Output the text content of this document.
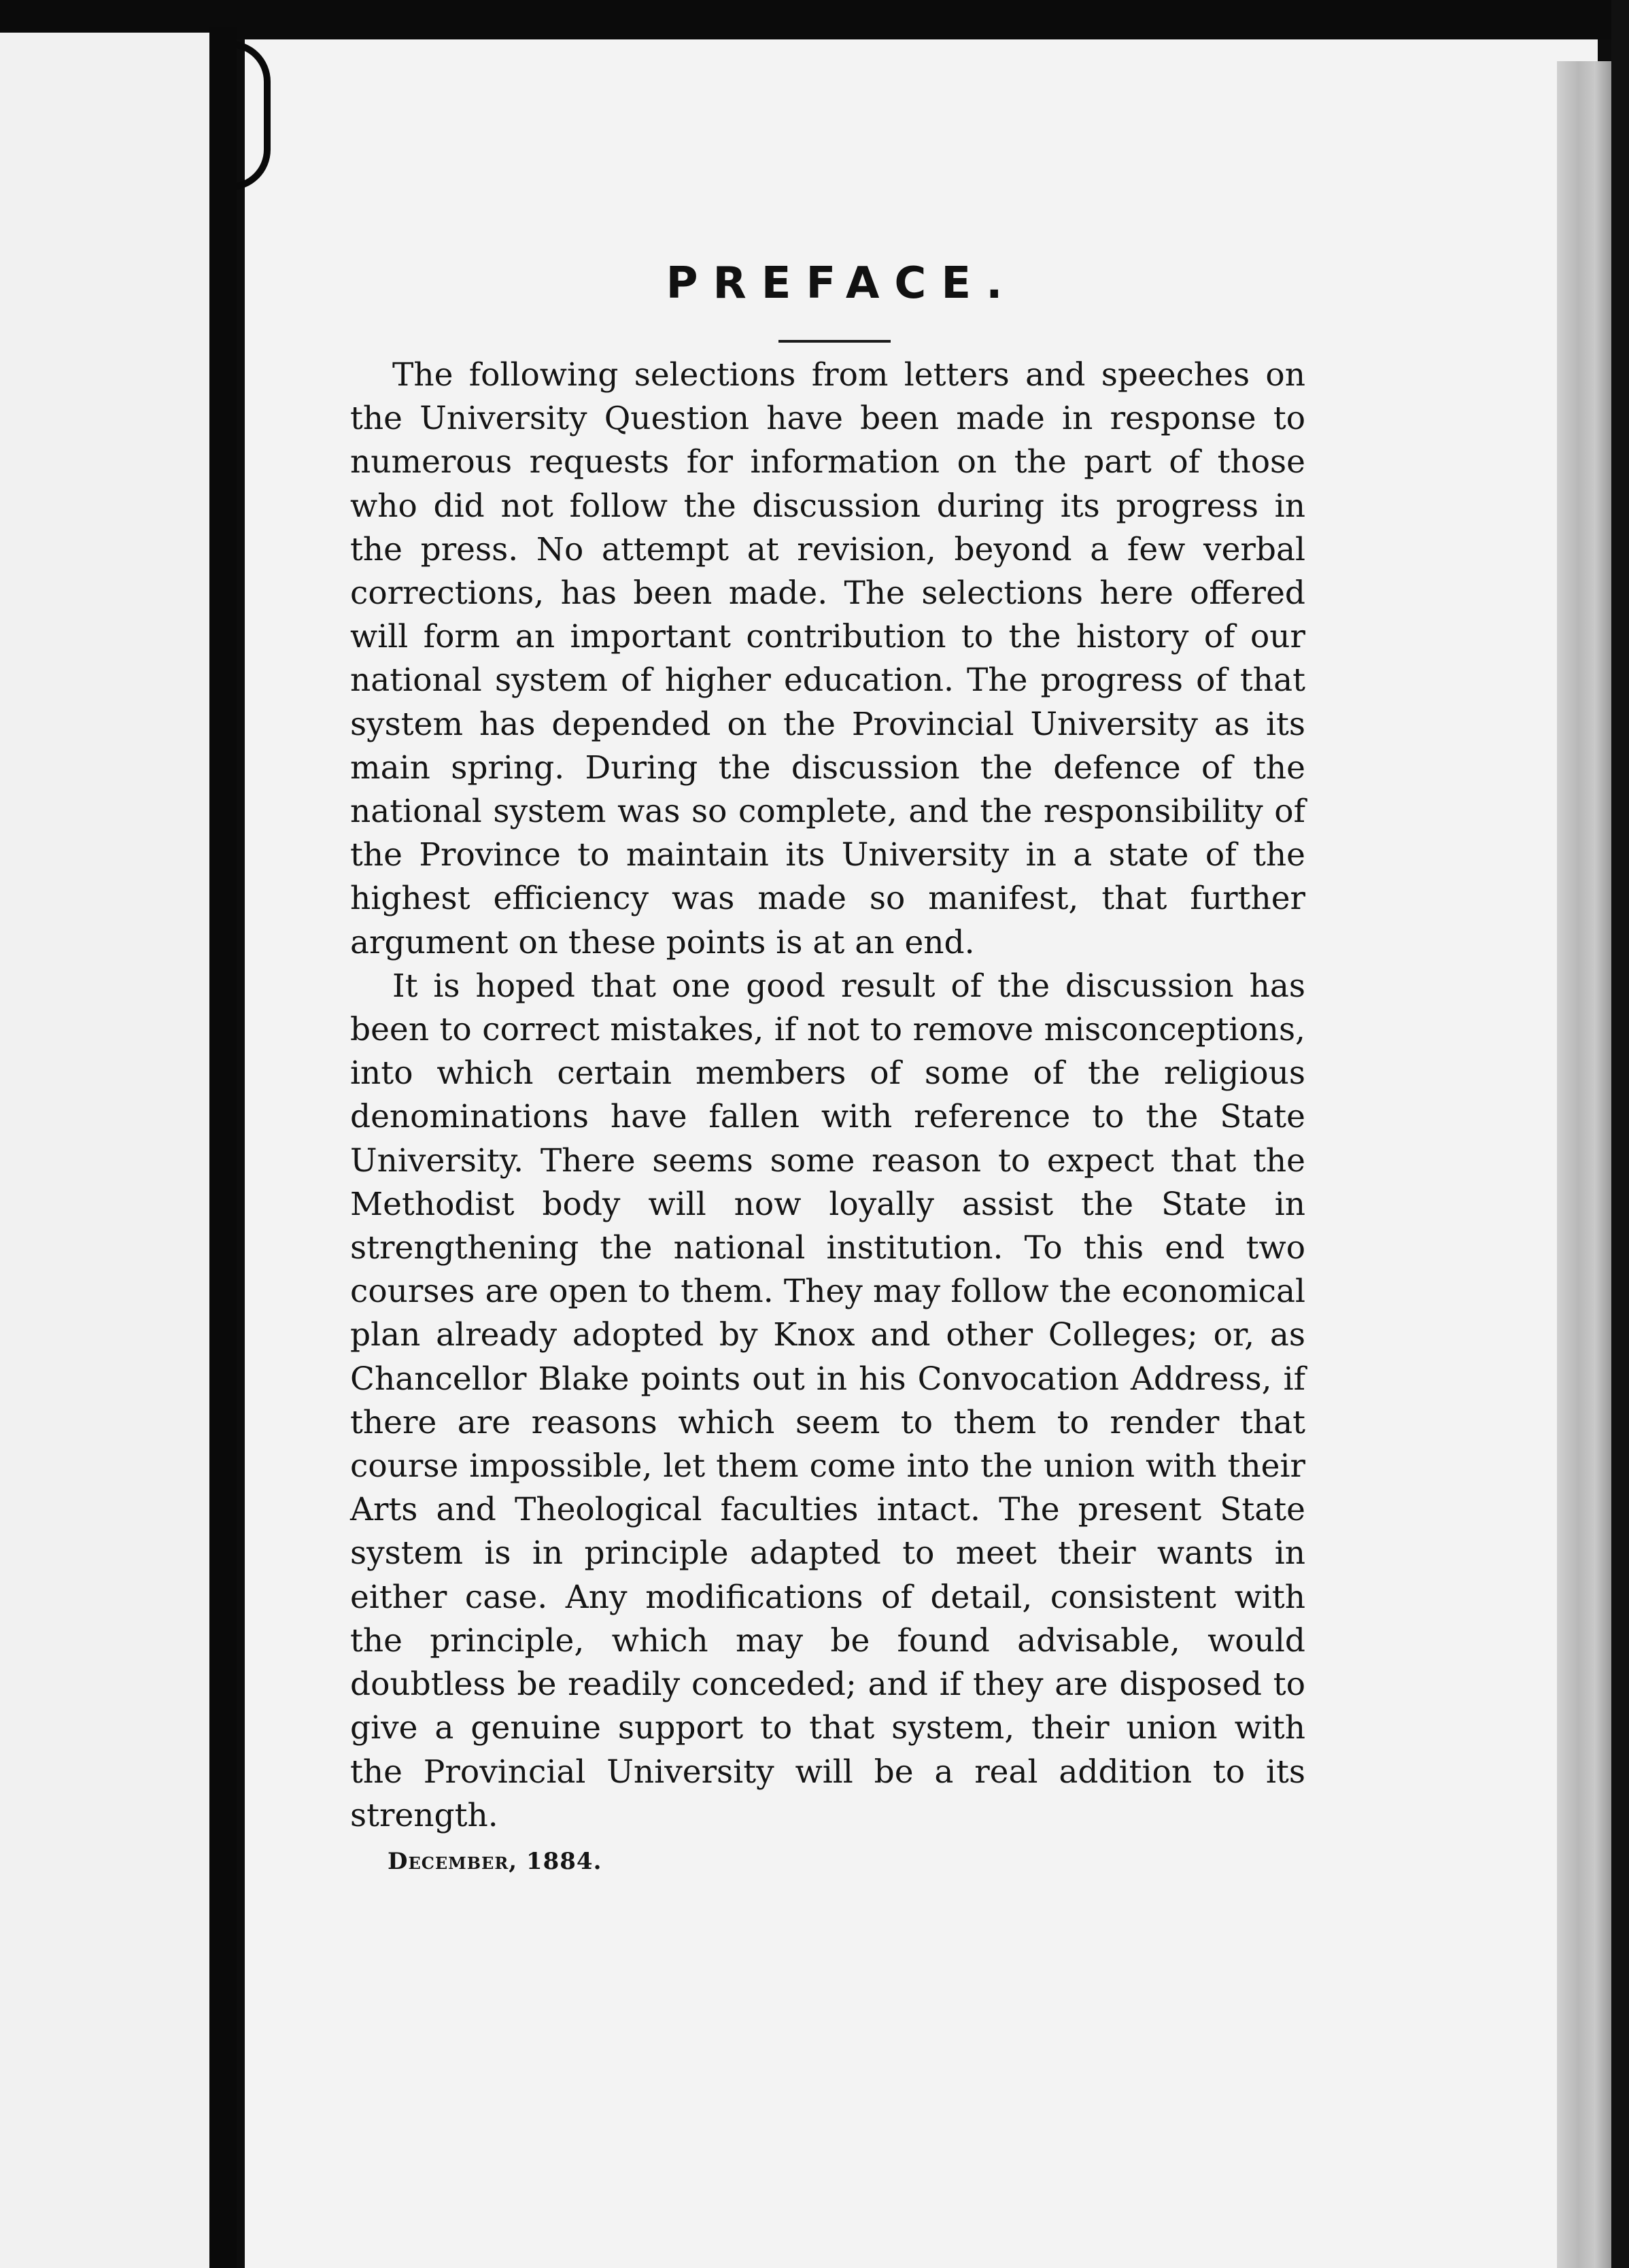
PREFACE.

The following selections from letters and speeches on the University Question have been made in response to numerous requests for information on the part of those who did not follow the discussion during its progress in the press. No attempt at revision, beyond a few verbal corrections, has been made. The selections here offered will form an important contribution to the history of our national system of higher education. The progress of that system has depended on the Provincial University as its main spring. During the discussion the defence of the national system was so complete, and the responsibility of the Province to maintain its University in a state of the highest efficiency was made so manifest, that further argument on these points is at an end.

It is hoped that one good result of the discussion has been to correct mistakes, if not to remove misconceptions, into which certain members of some of the religious denominations have fallen with reference to the State University. There seems some reason to expect that the Methodist body will now loyally assist the State in strengthening the national institution. To this end two courses are open to them. They may follow the economical plan already adopted by Knox and other Colleges; or, as Chancellor Blake points out in his Convocation Address, if there are reasons which seem to them to render that course impossible, let them come into the union with their Arts and Theological faculties intact. The present State system is in principle adapted to meet their wants in either case. Any modifications of detail, consistent with the principle, which may be found advisable, would doubtless be readily conceded; and if they are disposed to give a genuine support to that system, their union with the Provincial University will be a real addition to its strength.

December, 1884.
